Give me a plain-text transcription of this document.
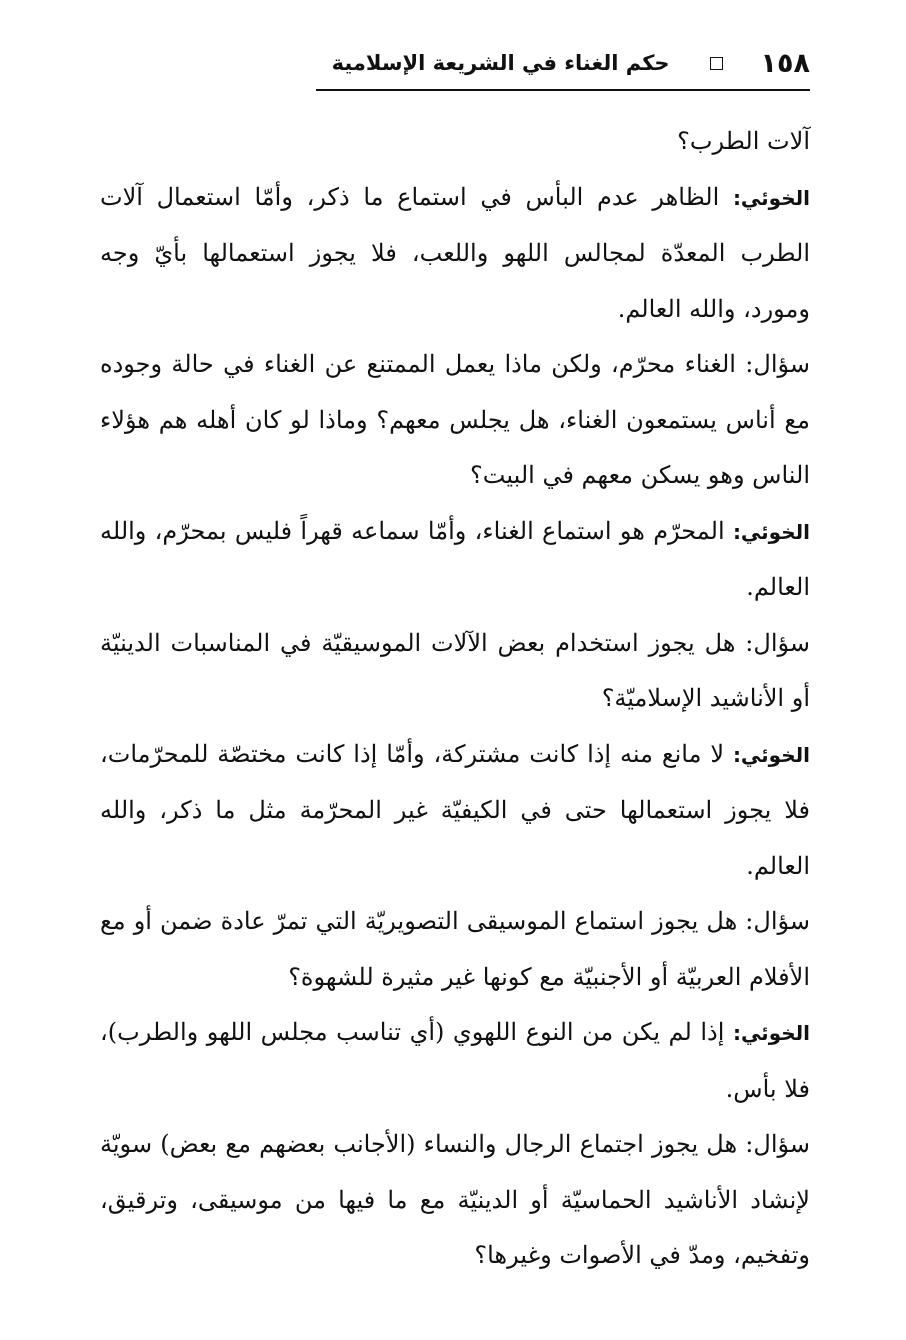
١٥٨
حكم الغناء في الشريعة الإسلامية

آلات الطرب؟

الخوئي: الظاهر عدم البأس في استماع ما ذكر، وأمّا استعمال آلات الطرب المعدّة لمجالس اللهو واللعب، فلا يجوز استعمالها بأيّ وجه ومورد، والله العالم.

سؤال: الغناء محرّم، ولكن ماذا يعمل الممتنع عن الغناء في حالة وجوده مع أناس يستمعون الغناء، هل يجلس معهم؟ وماذا لو كان أهله هم هؤلاء الناس وهو يسكن معهم في البيت؟

الخوئي: المحرّم هو استماع الغناء، وأمّا سماعه قهراً فليس بمحرّم، والله العالم.

سؤال: هل يجوز استخدام بعض الآلات الموسيقيّة في المناسبات الدينيّة أو الأناشيد الإسلاميّة؟

الخوئي: لا مانع منه إذا كانت مشتركة، وأمّا إذا كانت مختصّة للمحرّمات، فلا يجوز استعمالها حتى في الكيفيّة غير المحرّمة مثل ما ذكر، والله العالم.

سؤال: هل يجوز استماع الموسيقى التصويريّة التي تمرّ عادة ضمن أو مع الأفلام العربيّة أو الأجنبيّة مع كونها غير مثيرة للشهوة؟

الخوئي: إذا لم يكن من النوع اللهوي (أي تناسب مجلس اللهو والطرب)، فلا بأس.

سؤال: هل يجوز اجتماع الرجال والنساء (الأجانب بعضهم مع بعض) سويّة لإنشاد الأناشيد الحماسيّة أو الدينيّة مع ما فيها من موسيقى، وترقيق، وتفخيم، ومدّ في الأصوات وغيرها؟
